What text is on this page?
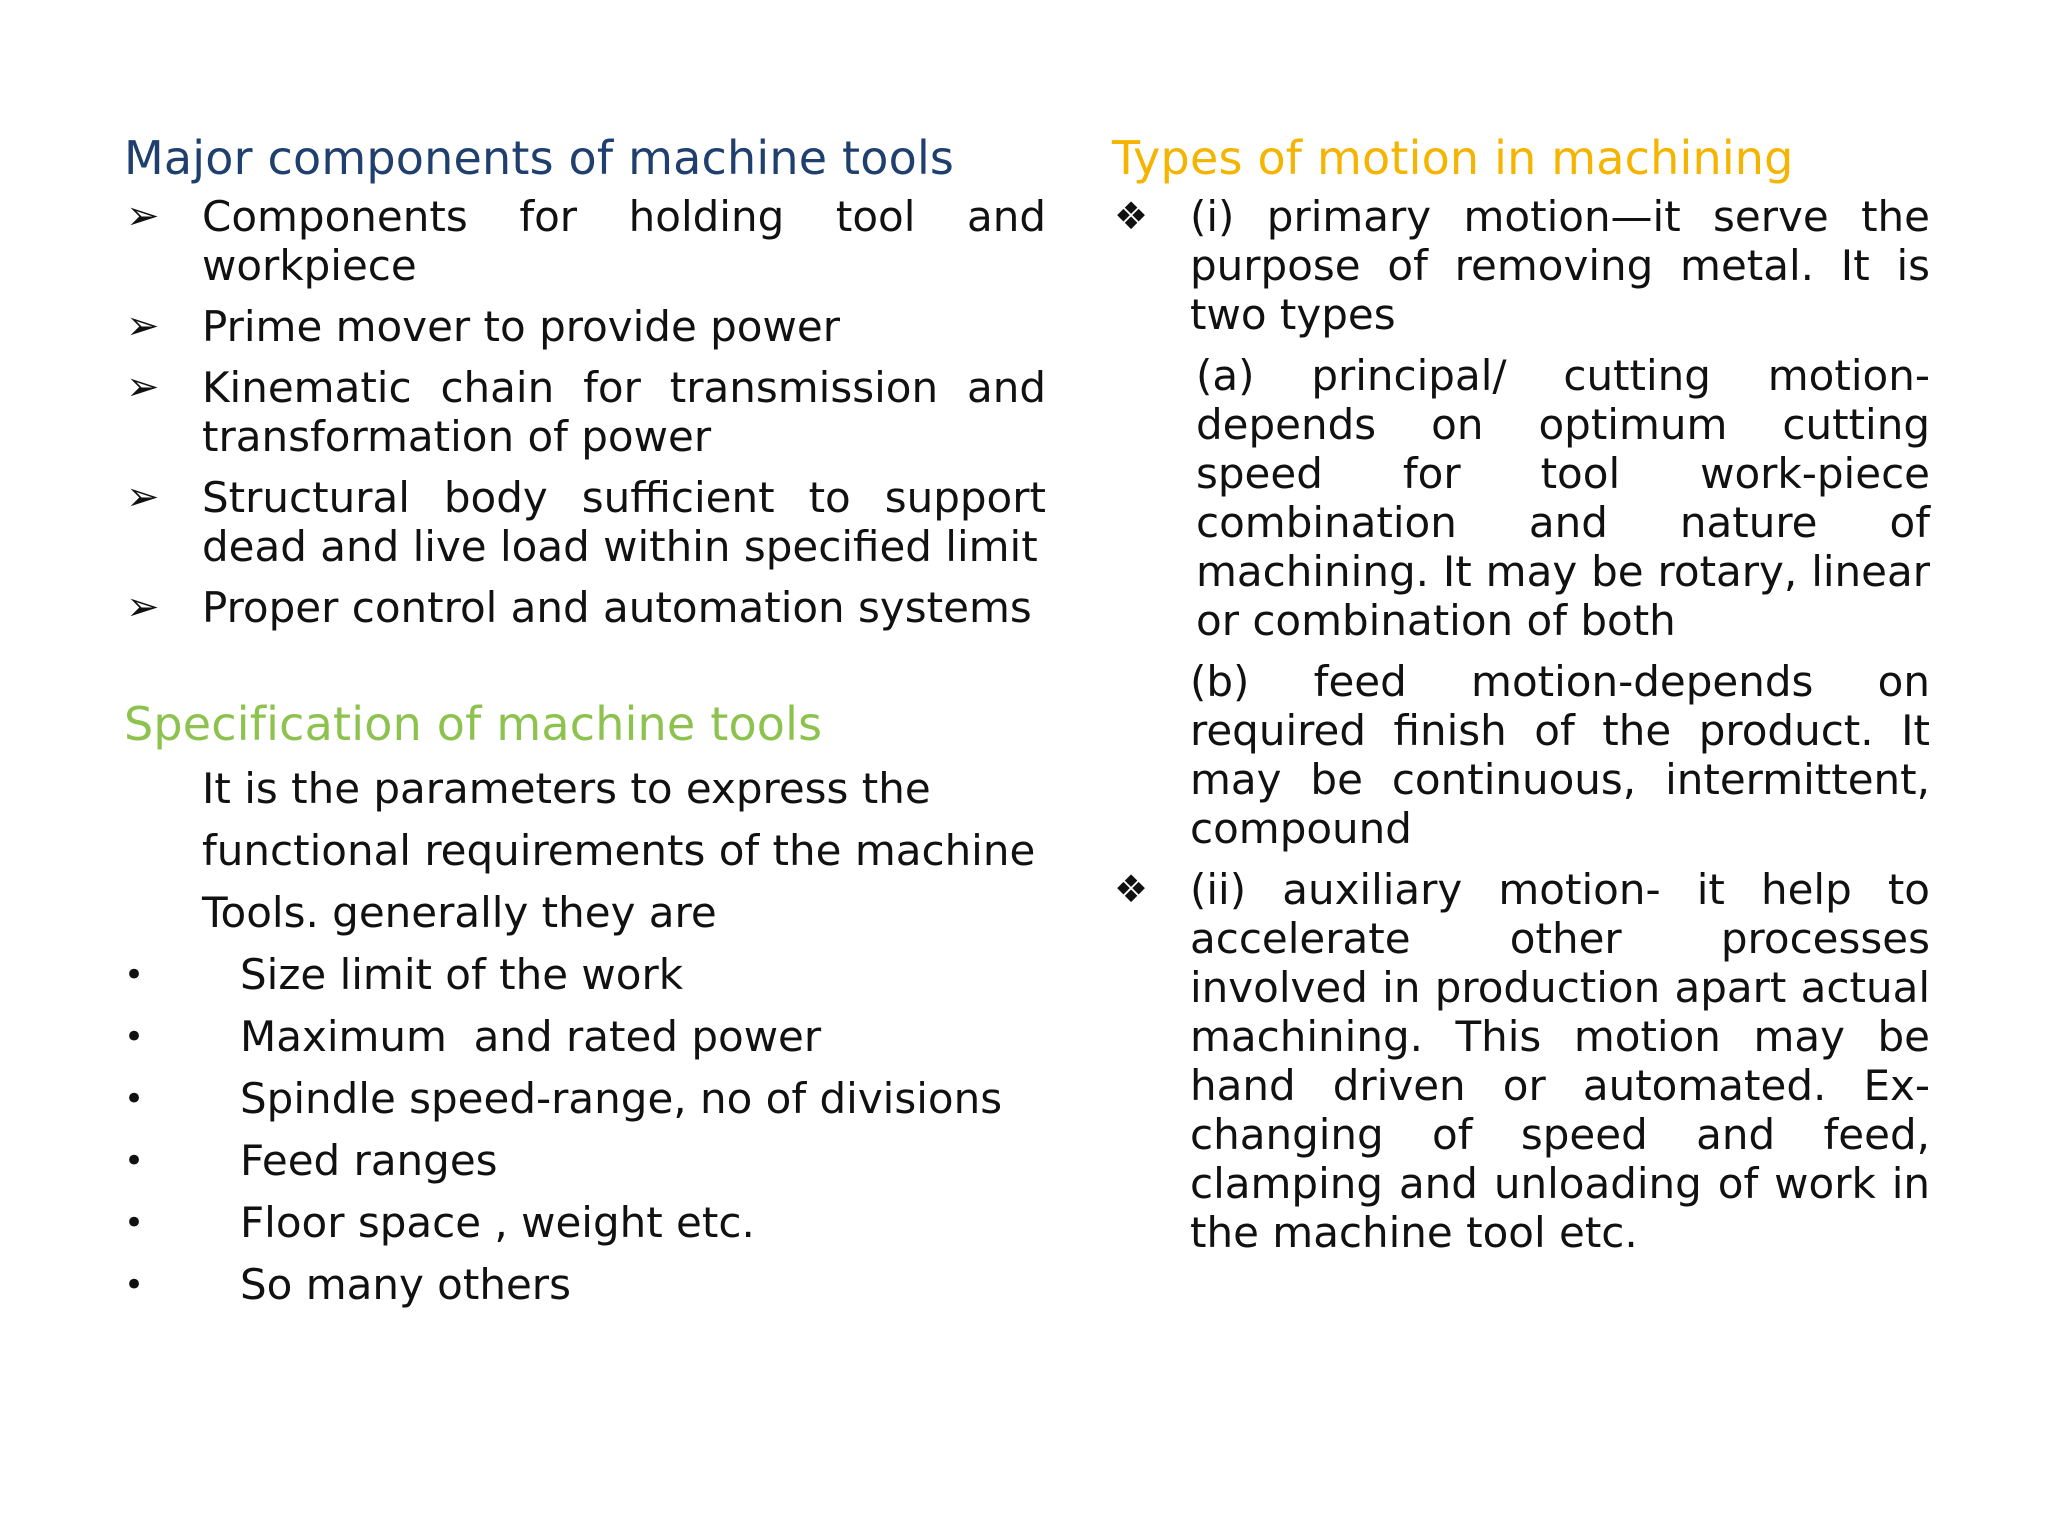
Major components of machine tools
➢ Components for holding tool and workpiece
➢ Prime mover to provide power
➢ Kinematic chain for transmission and transformation of power
➢ Structural body sufficient to support dead and live load within specified limit
➢ Proper control and automation systems
Specification of machine tools
It is the parameters to express the functional requirements of the machine Tools. generally they are
• Size limit of the work
• Maximum  and rated power
• Spindle speed-range, no of divisions
• Feed ranges
• Floor space , weight etc.
• So many others
Types of motion in machining
❖ (i) primary motion—it serve the purpose of removing metal. It is two types
(a) principal/ cutting motion-depends on optimum cutting speed for tool work-piece combination and nature of machining. It may be rotary, linear or combination of both
(b) feed motion-depends on required finish of the product. It may be continuous, intermittent, compound
❖ (ii) auxiliary motion- it help to accelerate other processes involved in production apart actual machining. This motion may be hand driven or automated. Ex-changing of speed and feed, clamping and unloading of work in the machine tool etc.
